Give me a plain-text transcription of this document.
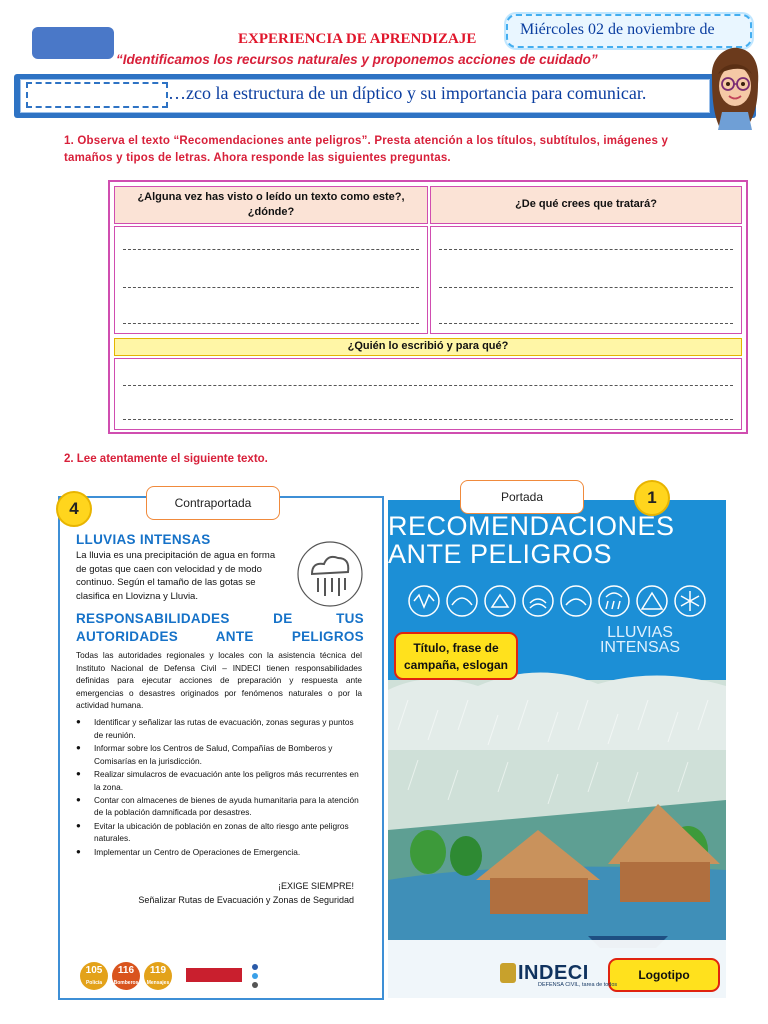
EXPERIENCIA DE APRENDIZAJE
Miércoles 02 de noviembre de
“Identificamos los recursos naturales y proponemos acciones de cuidado”
…zco la estructura de un díptico y su importancia para comunicar.
1. Observa el texto “Recomendaciones ante peligros”. Presta atención a los títulos, subtítulos, imágenes y tamaños y tipos de letras. Ahora responde las siguientes preguntas.
¿Alguna vez has visto o leído un texto como este?, ¿dónde?
¿De qué crees que tratará?
¿Quién lo escribió y para qué?
2. Lee atentamente el siguiente texto.
Contraportada	Portada
4
1
LLUVIAS INTENSAS
La lluvia es una precipitación de agua en forma de gotas que caen con velocidad y de modo continuo. Según el tamaño de las gotas se clasifica en Llovizna y Lluvia.
RESPONSABILIDADES DE TUS AUTORIDADES ANTE PELIGROS
Todas las autoridades regionales y locales con la asistencia técnica del Instituto Nacional de Defensa Civil – INDECI tienen responsabilidades definidas para ejecutar acciones de preparación y respuesta ante emergencias o desastres originados por fenómenos naturales o por la actividad humana.
● Identificar y señalizar las rutas de evacuación, zonas seguras y puntos de reunión.
● Informar sobre los Centros de Salud, Compañías de Bomberos y Comisarías en la jurisdicción.
● Realizar simulacros de evacuación ante los peligros más recurrentes en la zona.
● Contar con almacenes de bienes de ayuda humanitaria para la atención de la población damnificada por desastres.
● Evitar la ubicación de población en zonas de alto riesgo ante peligros naturales.
● Implementar un Centro de Operaciones de Emergencia.
¡EXIGE SIEMPRE!
Señalizar Rutas de Evacuación y Zonas de Seguridad
105
Policía
116
Bomberos
119
Mensajes
RECOMENDACIONES
ANTE PELIGROS
LLUVIAS
INTENSAS
Título, frase de campaña, eslogan
Logotipo
INDECI
DEFENSA CIVIL, tarea de todos
